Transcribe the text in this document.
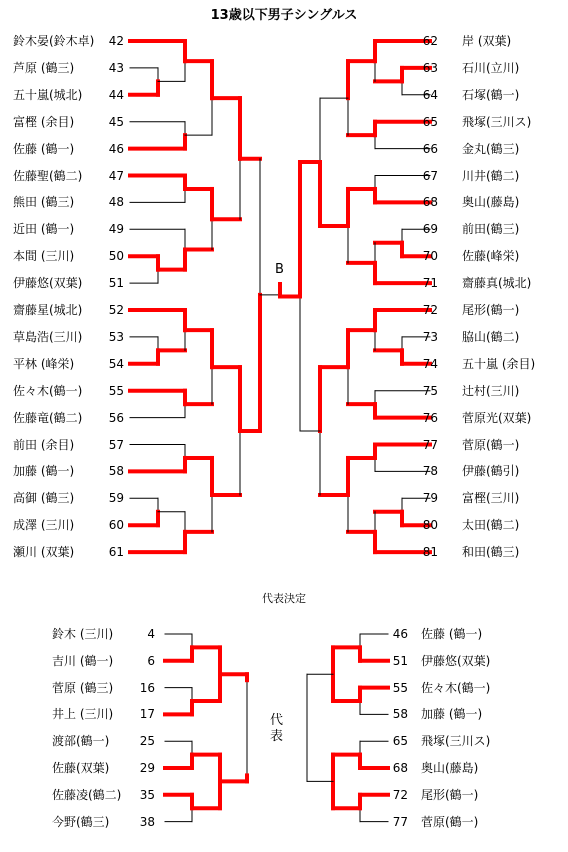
13歳以下男子シングルス
代表決定
B
代
表
鈴木晏(鈴木卓) 42
芦原 (鶴三)	43
五十嵐(城北) 44
富樫 (余目)	45
佐藤 (鶴一)	46
佐藤聖(鶴二) 47
熊田 (鶴三)	48
近田 (鶴一)	49
本間 (三川)	50
伊藤悠(双葉) 51
齋藤星(城北) 52
草島浩(三川) 53
平林 (峰栄)	54
佐々木(鶴一) 55
佐藤竜(鶴二) 56
前田 (余目)	57
加藤 (鶴一)	58
高御 (鶴三)	59
成澤 (三川)	60
瀬川 (双葉)	61
62 岸 (双葉)
63 石川(立川)
64 石塚(鶴一)
65 飛塚(三川ス)
66 金丸(鶴三)
67 川井(鶴二)
68 奥山(藤島)
69 前田(鶴三)
70 佐藤(峰栄)
71 齋藤真(城北)
72 尾形(鶴一)
73 脇山(鶴二)
74 五十嵐 (余目)
75 辻村(三川)
76 菅原光(双葉)
77 菅原(鶴一)
78 伊藤(鶴引)
79 富樫(三川)
80 太田(鶴二)
81 和田(鶴三)
鈴木 (三川)	4
吉川 (鶴一)	6
菅原 (鶴三) 16
井上 (三川) 17
渡部(鶴一)	25
佐藤(双葉)	29
佐藤凌(鶴二) 35
今野(鶴三)	38
46 佐藤 (鶴一)
51 伊藤悠(双葉)
55 佐々木(鶴一)
58 加藤 (鶴一)
65 飛塚(三川ス)
68 奥山(藤島)
72 尾形(鶴一)
77 菅原(鶴一)
